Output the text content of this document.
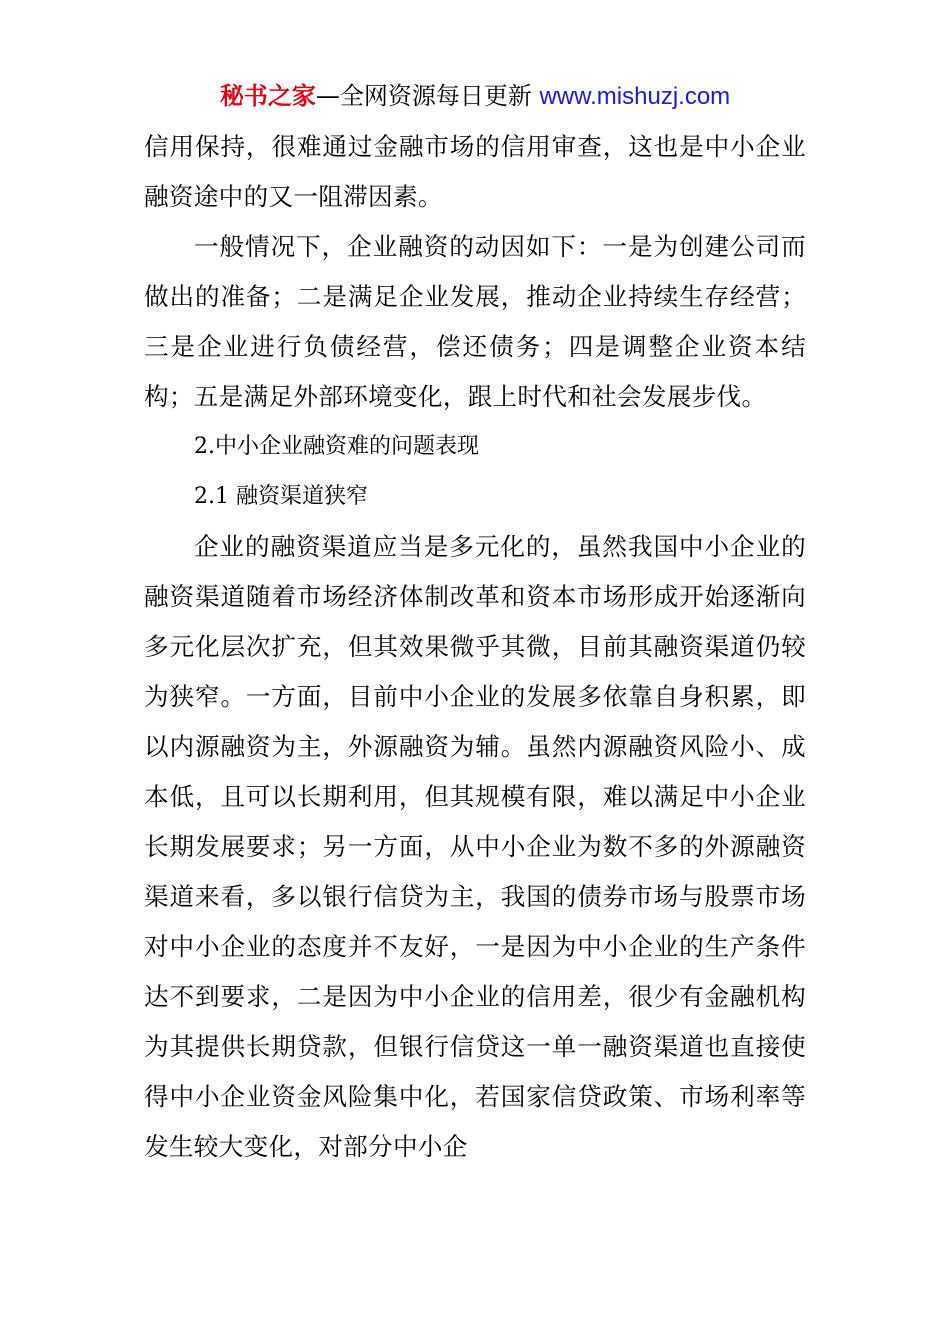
秘书之家—全网资源每日更新 www.mishuzj.com

信用保持，很难通过金融市场的信用审查，这也是中小企业融资途中的又一阻滞因素。

一般情况下，企业融资的动因如下：一是为创建公司而做出的准备；二是满足企业发展，推动企业持续生存经营；三是企业进行负债经营，偿还债务；四是调整企业资本结构；五是满足外部环境变化，跟上时代和社会发展步伐。

2.中小企业融资难的问题表现

2.1 融资渠道狭窄

企业的融资渠道应当是多元化的，虽然我国中小企业的融资渠道随着市场经济体制改革和资本市场形成开始逐渐向多元化层次扩充，但其效果微乎其微，目前其融资渠道仍较为狭窄。一方面，目前中小企业的发展多依靠自身积累，即以内源融资为主，外源融资为辅。虽然内源融资风险小、成本低，且可以长期利用，但其规模有限，难以满足中小企业长期发展要求；另一方面，从中小企业为数不多的外源融资渠道来看，多以银行信贷为主，我国的债券市场与股票市场对中小企业的态度并不友好，一是因为中小企业的生产条件达不到要求，二是因为中小企业的信用差，很少有金融机构为其提供长期贷款，但银行信贷这一单一融资渠道也直接使得中小企业资金风险集中化，若国家信贷政策、市场利率等发生较大变化，对部分中小企
